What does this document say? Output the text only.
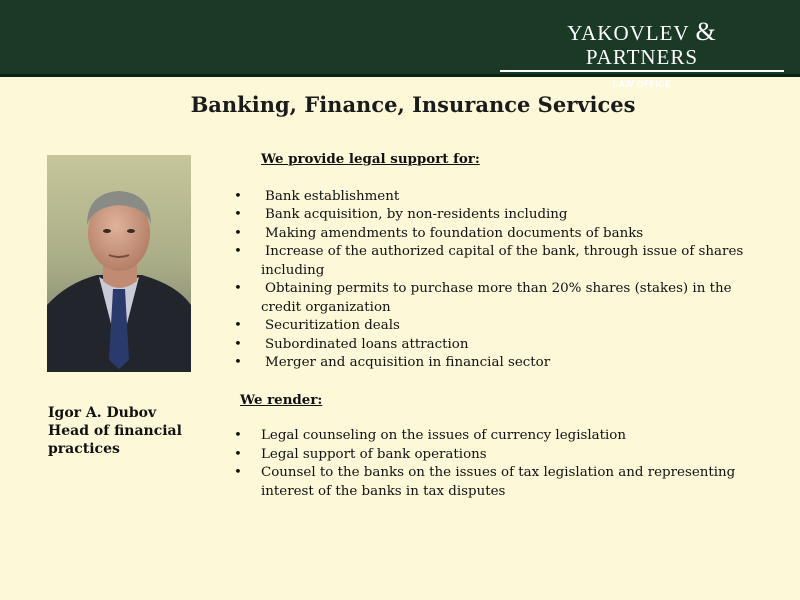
YAKOVLEV & PARTNERS
LAW OFFICE
Banking, Finance, Insurance Services
Igor A. Dubov
Head of financial
practices

We provide legal support for:

• Bank establishment
• Bank acquisition, by non-residents including
• Making amendments to foundation documents of banks
• Increase of the authorized capital of the bank, through issue of shares including
• Obtaining permits to purchase more than 20% shares (stakes) in the credit organization
• Securitization deals
• Subordinated loans attraction
• Merger and acquisition in financial sector

We render:

• Legal counseling on the issues of currency legislation
• Legal support of bank operations
• Counsel to the banks on the issues of tax legislation and representing interest of the banks in tax disputes
